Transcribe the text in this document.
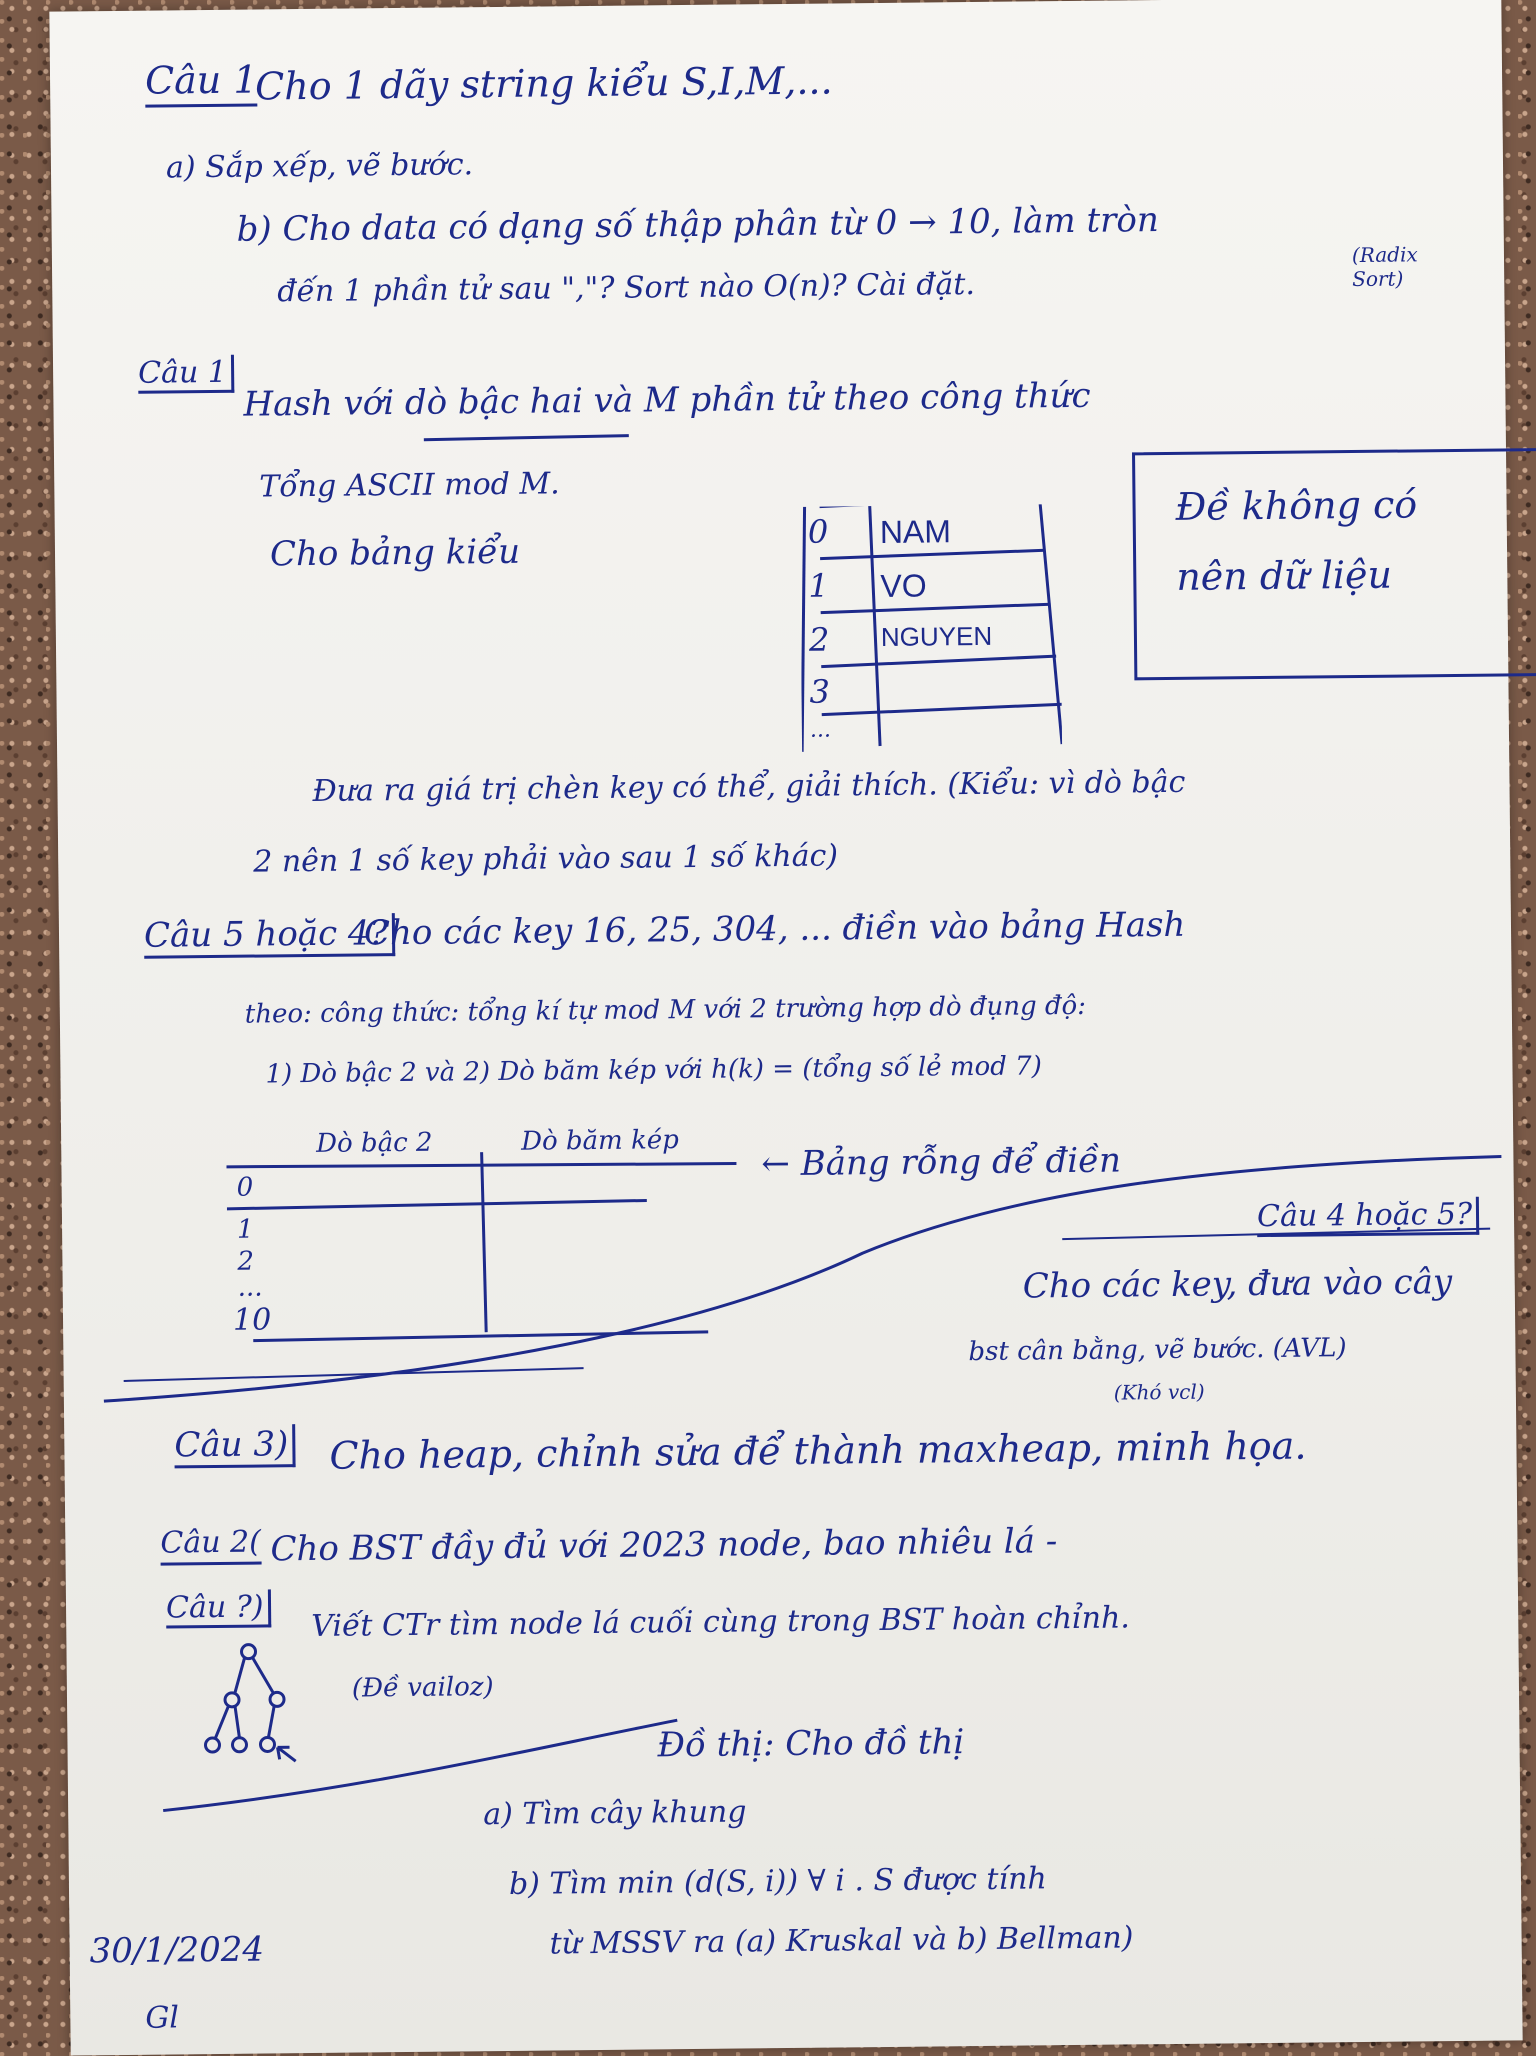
Câu 1
Cho 1 dãy string kiểu S,I,M,...
a) Sắp xếp, vẽ bước.
b) Cho data có dạng số thập phân từ 0 → 10, làm tròn
đến 1 phần tử sau ","? Sort nào O(n)? Cài đặt.
(Radix Sort)
Câu 1
Hash với dò bậc hai và M phần tử theo công thức
Tổng ASCII mod M.
Cho bảng kiểu
0 NAM
1 VO
2 NGUYEN
3
...
Đề không có
nên dữ liệu
Đưa ra giá trị chèn key có thể, giải thích. (Kiểu: vì dò bậc
2 nên 1 số key phải vào sau 1 số khác)
Câu 5 hoặc 4?
Cho các key 16, 25, 304, ... điền vào bảng Hash
theo: công thức: tổng kí tự mod M với 2 trường hợp dò đụng độ:
1) Dò bậc 2 và 2) Dò băm kép với h(k) = (tổng số lẻ mod 7)
Dò bậc 2	Dò băm kép
0
1
2
...
10
← Bảng rỗng để điền
Câu 4 hoặc 5?
Cho các key, đưa vào cây
bst cân bằng, vẽ bước. (AVL)
(Khó vcl)
Câu 3) Cho heap, chỉnh sửa để thành maxheap, minh họa.
Câu 2( Cho BST đầy đủ với 2023 node, bao nhiêu lá -
Câu ?) Viết CTr tìm node lá cuối cùng trong BST hoàn chỉnh.
(Đề vailoz)
Đồ thị: Cho đồ thị
a) Tìm cây khung
b) Tìm min (d(S, i)) ∀ i . S được tính
từ MSSV ra (a) Kruskal và b) Bellman)
30/1/2024
Gl
